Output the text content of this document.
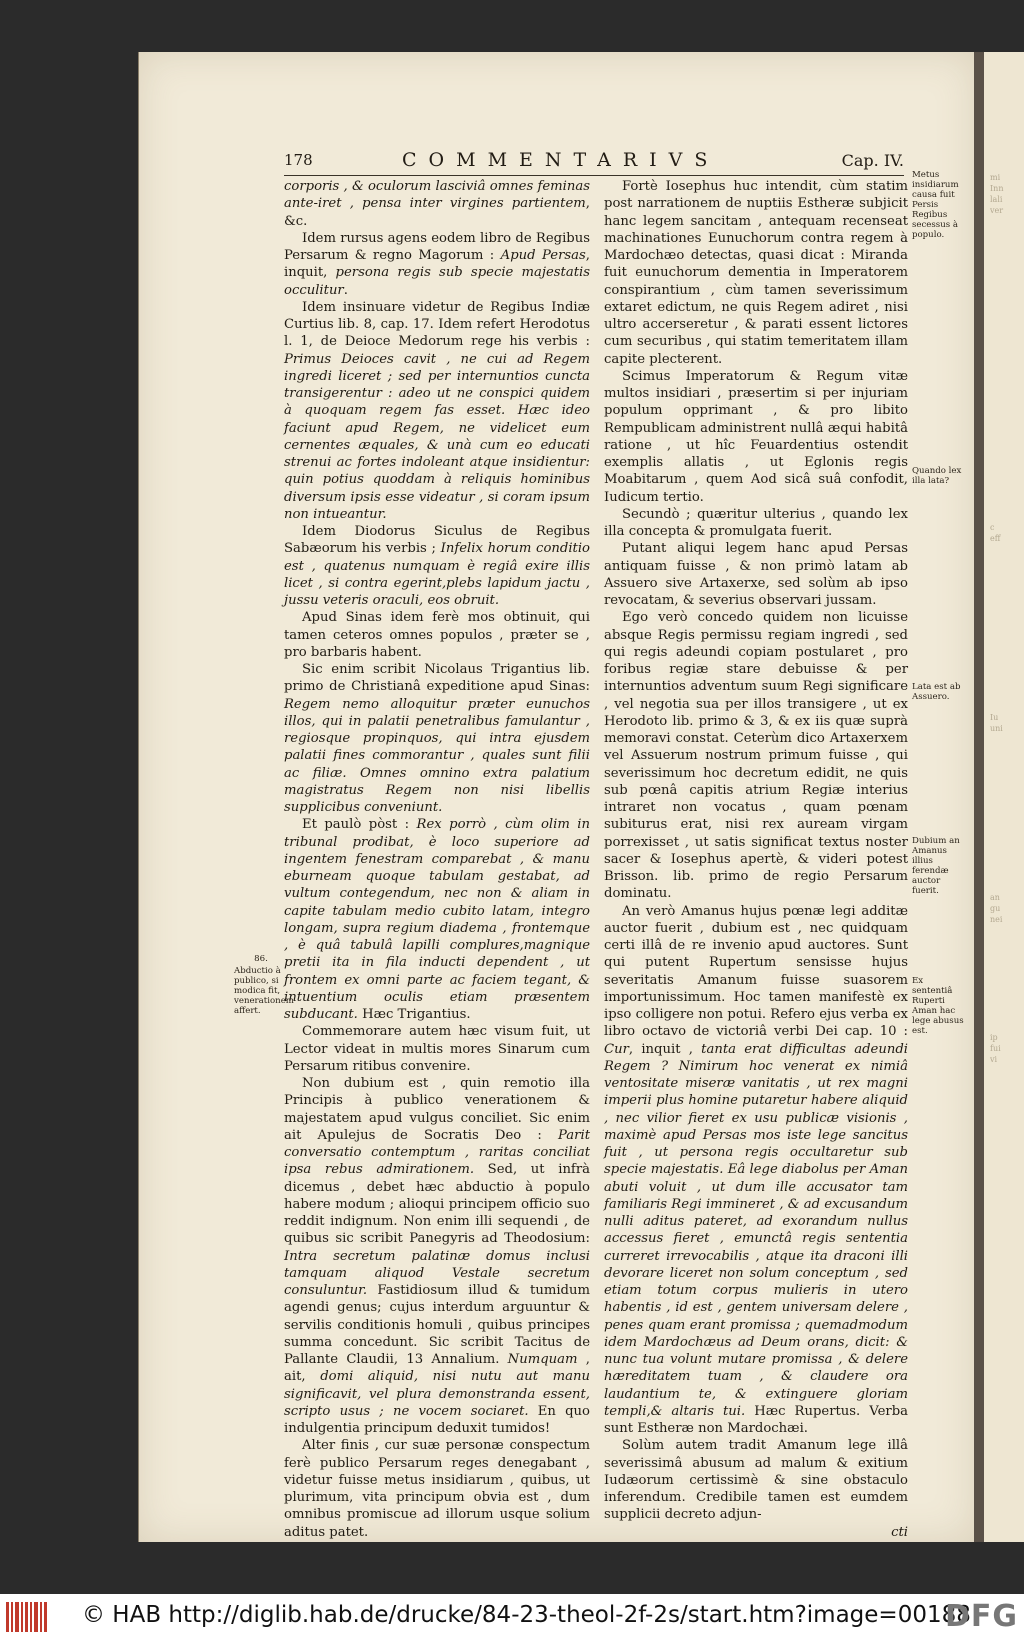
mi
Inn
lali
ver
c
eff
Iu
uni
an
gu
nei
ip
fui
vi
178	COMMENTARIVS	Cap. IV.

corporis , & oculorum lasciviâ omnes feminas ante-iret , pensa inter virgines partientem, &c.

Idem rursus agens eodem libro de Regibus Persarum & regno Magorum : Apud Persas, inquit, persona regis sub specie majestatis occulitur.

Idem insinuare videtur de Regibus Indiæ Curtius lib. 8, cap. 17. Idem refert Herodotus l. 1, de Deioce Medorum rege his verbis : Primus Deioces cavit , ne cui ad Regem ingredi liceret ; sed per internuntios cuncta transigerentur : adeo ut ne conspici quidem à quoquam regem fas esset. Hæc ideo faciunt apud Regem, ne videlicet eum cernentes æquales, & unà cum eo educati strenui ac fortes indoleant atque insidientur: quin potius quoddam à reliquis hominibus diversum ipsis esse videatur , si coram ipsum non intueantur.

Idem Diodorus Siculus de Regibus Sabæorum his verbis ; Infelix horum conditio est , quatenus numquam è regiâ exire illis licet , si contra egerint,plebs lapidum jactu , jussu veteris oraculi, eos obruit.

Apud Sinas idem ferè mos obtinuit, qui tamen ceteros omnes populos , præter se , pro barbaris habent.

Sic enim scribit Nicolaus Trigantius lib. primo de Christianâ expeditione apud Sinas: Regem nemo alloquitur præter eunuchos illos, qui in palatii penetralibus famulantur , regiosque propinquos, qui intra ejusdem palatii fines commorantur , quales sunt filii ac filiæ. Omnes omnino extra palatium magistratus Regem non nisi libellis supplicibus conveniunt.

Et paulò pòst : Rex porrò , cùm olim in tribunal prodibat, è loco superiore ad ingentem fenestram comparebat , & manu eburneam quoque tabulam gestabat, ad vultum contegendum, nec non & aliam in capite tabulam medio cubito latam, integro longam, supra regium diadema , frontemque , è quâ tabulâ lapilli complures,magnique pretii ita in fila inducti dependent , ut frontem ex omni parte ac faciem tegant, & intuentium oculis etiam præsentem subducant. Hæc Trigantius.

Commemorare autem hæc visum fuit, ut Lector videat in multis mores Sinarum cum Persarum ritibus convenire.

Non dubium est , quin remotio illa Principis à publico venerationem & majestatem apud vulgus conciliet. Sic enim ait Apulejus de Socratis Deo : Parit conversatio contemptum , raritas conciliat ipsa rebus admirationem. Sed, ut infrà dicemus , debet hæc abductio à populo habere modum ; alioqui principem officio suo reddit indignum. Non enim illi sequendi , de quibus sic scribit Panegyris ad Theodosium: Intra secretum palatinæ domus inclusi tamquam aliquod Vestale secretum consuluntur. Fastidiosum illud & tumidum agendi genus; cujus interdum arguuntur & servilis conditionis homuli , quibus principes summa concedunt. Sic scribit Tacitus de Pallante Claudii, 13 Annalium. Numquam , ait, domi aliquid, nisi nutu aut manu significavit, vel plura demonstranda essent, scripto usus ; ne vocem sociaret. En quo indulgentia principum deduxit tumidos!

Alter finis , cur suæ personæ conspectum ferè publico Persarum reges denegabant , videtur fuisse metus insidiarum , quibus, ut plurimum, vita principum obvia est , dum omnibus promiscue ad illorum usque solium aditus patet.

Fortè Iosephus huc intendit, cùm statim post narrationem de nuptiis Estheræ subjicit hanc legem sancitam , antequam recenseat machinationes Eunuchorum contra regem à Mardochæo detectas, quasi dicat : Miranda fuit eunuchorum dementia in Imperatorem conspirantium , cùm tamen severissimum extaret edictum, ne quis Regem adiret , nisi ultro accerseretur , & parati essent lictores cum securibus , qui statim temeritatem illam capite plecterent.

Scimus Imperatorum & Regum vitæ multos insidiari , præsertim si per injuriam populum opprimant , & pro libito Rempublicam administrent nullâ æqui habitâ ratione , ut hîc Feuardentius ostendit exemplis allatis , ut Eglonis regis Moabitarum , quem Aod sicâ suâ confodit, Iudicum tertio.

Secundò ; quæritur ulterius , quando lex illa concepta & promulgata fuerit.

Putant aliqui legem hanc apud Persas antiquam fuisse , & non primò latam ab Assuero sive Artaxerxe, sed solùm ab ipso revocatam, & severius observari jussam.

Ego verò concedo quidem non licuisse absque Regis permissu regiam ingredi , sed qui regis adeundi copiam postularet , pro foribus regiæ stare debuisse & per internuntios adventum suum Regi significare , vel negotia sua per illos transigere , ut ex Herodoto lib. primo & 3, & ex iis quæ suprà memoravi constat. Ceterùm dico Artaxerxem vel Assuerum nostrum primum fuisse , qui severissimum hoc decretum edidit, ne quis sub pœnâ capitis atrium Regiæ interius intraret non vocatus , quam pœnam subiturus erat, nisi rex auream virgam porrexisset , ut satis significat textus noster sacer & Iosephus apertè, & videri potest Brisson. lib. primo de regio Persarum dominatu.

An verò Amanus hujus pœnæ legi additæ auctor fuerit , dubium est , nec quidquam certi illâ de re invenio apud auctores. Sunt qui putent Rupertum sensisse hujus severitatis Amanum fuisse suasorem importunissimum. Hoc tamen manifestè ex ipso colligere non potui. Refero ejus verba ex libro octavo de victoriâ verbi Dei cap. 10 : Cur, inquit , tanta erat difficultas adeundi Regem ? Nimirum hoc venerat ex nimiâ ventositate miseræ vanitatis , ut rex magni imperii plus homine putaretur habere aliquid , nec vilior fieret ex usu publicæ visionis , maximè apud Persas mos iste lege sancitus fuit , ut persona regis occultaretur sub specie majestatis. Eâ lege diabolus per Aman abuti voluit , ut dum ille accusator tam familiaris Regi immineret , & ad excusandum nulli aditus pateret, ad exorandum nullus accessus fieret , emunctâ regis sententia curreret irrevocabilis , atque ita draconi illi devorare liceret non solum conceptum , sed etiam totum corpus mulieris in utero habentis , id est , gentem universam delere , penes quam erant promissa ; quemadmodum idem Mardochæus ad Deum orans, dicit: & nunc tua volunt mutare promissa , & delere hæreditatem tuam , & claudere ora laudantium te, & extinguere gloriam templi,& altaris tui. Hæc Rupertus. Verba sunt Estheræ non Mardochæi.

Solùm autem tradit Amanum lege illâ severissimâ abusum ad malum & exitium Iudæorum certissimè & sine obstaculo inferendum. Credibile tamen est eumdem supplicii decreto adjun-

cti

Metus insidiarum causa fuit Persis Regibus secessus à populo.
Quando lex illa lata?
Lata est ab Assuero.
Dubium an Amanus illius ferendæ auctor fuerit.
Ex sententiâ Ruperti Aman hac lege abusus est.
86.
Abductio à publico, si modica fit, venerationem affert.
© HAB http://diglib.hab.de/drucke/84-23-theol-2f-2s/start.htm?image=00188
DFG
